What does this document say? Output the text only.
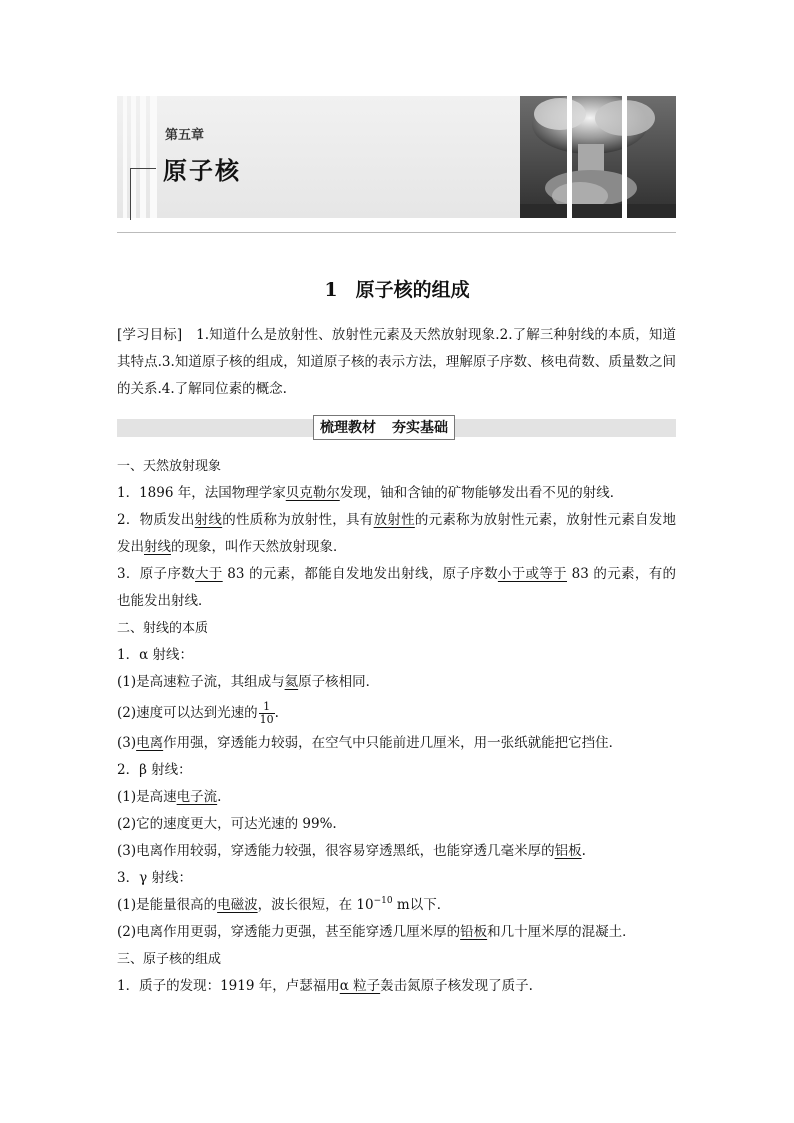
第五章
原子核
1 原子核的组成
[学习目标] 1.知道什么是放射性、放射性元素及天然放射现象.2.了解三种射线的本质，知道其特点.3.知道原子核的组成，知道原子核的表示方法，理解原子序数、核电荷数、质量数之间的关系.4.了解同位素的概念.
梳理教材 夯实基础

一、天然放射现象

1．1896 年，法国物理学家贝克勒尔发现，铀和含铀的矿物能够发出看不见的射线．

2．物质发出射线的性质称为放射性，具有放射性的元素称为放射性元素，放射性元素自发地发出射线的现象，叫作天然放射现象．

3．原子序数大于 83 的元素，都能自发地发出射线，原子序数小于或等于 83 的元素，有的也能发出射线．

二、射线的本质

1．α 射线：

(1)是高速粒子流，其组成与氦原子核相同．

(2)速度可以达到光速的 $\frac{1}{10}$ .

(3)电离作用强，穿透能力较弱，在空气中只能前进几厘米，用一张纸就能把它挡住．

2．β 射线：

(1)是高速电子流.

(2)它的速度更大，可达光速的 99%.

(3)电离作用较弱，穿透能力较强，很容易穿透黑纸，也能穿透几毫米厚的铝板.

3．γ 射线：

(1)是能量很高的电磁波，波长很短，在 $10^{-10}$ m以下．

(2)电离作用更弱，穿透能力更强，甚至能穿透几厘米厚的铅板和几十厘米厚的混凝土．

三、原子核的组成

1．质子的发现：1919 年，卢瑟福用α 粒子轰击氮原子核发现了质子.
